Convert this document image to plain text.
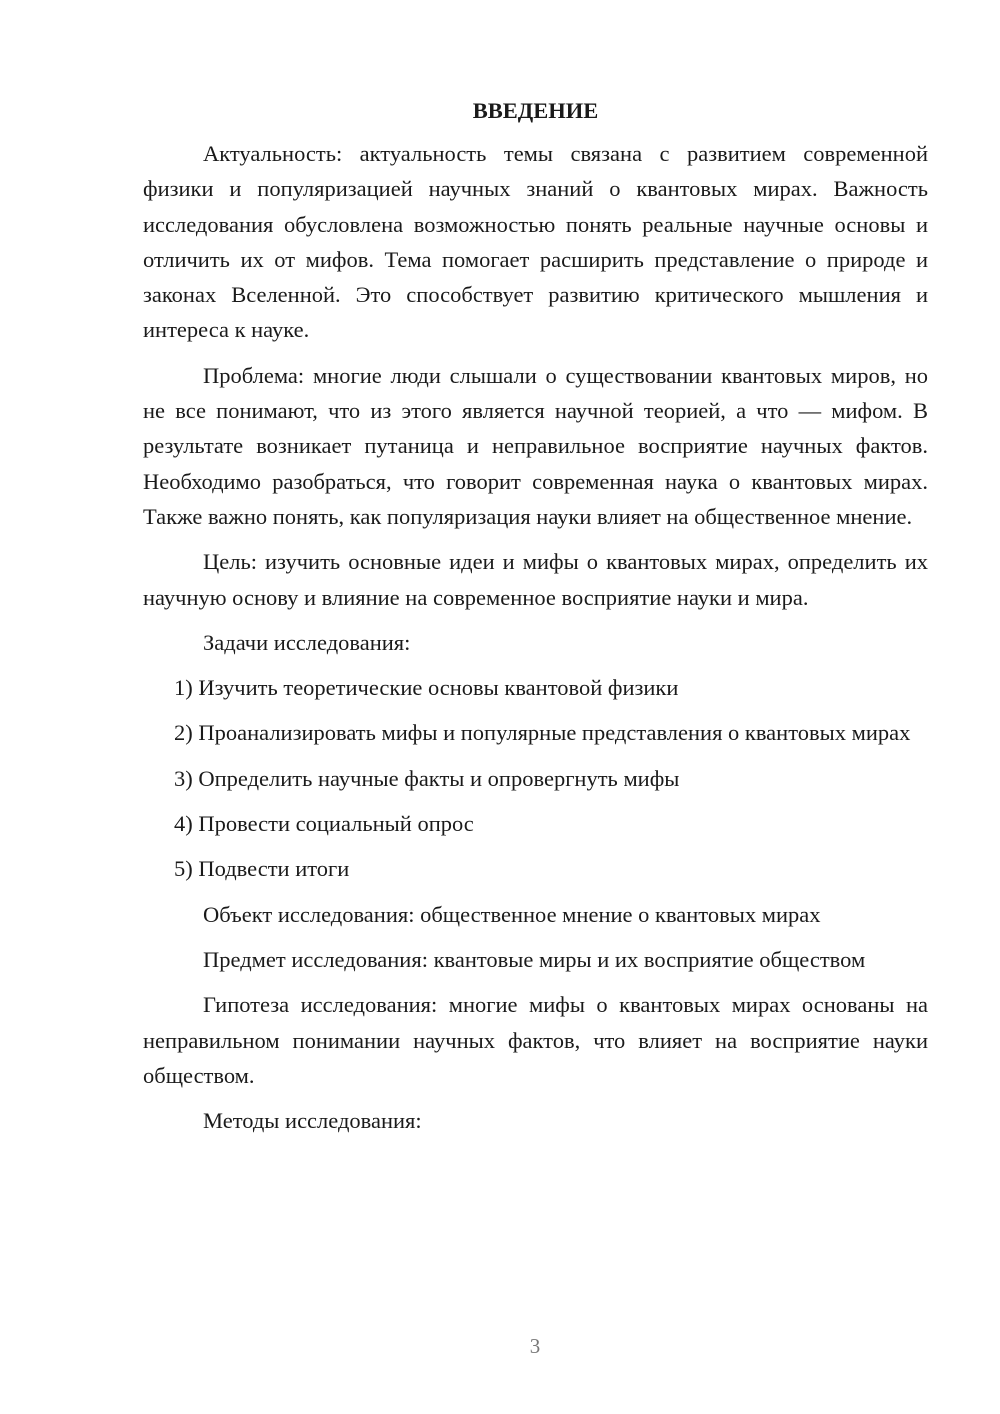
ВВЕДЕНИЕ

Актуальность: актуальность темы связана с развитием современной физики и популяризацией научных знаний о квантовых мирах. Важность исследования обусловлена возможностью понять реальные научные основы и отличить их от мифов. Тема помогает расширить представление о природе и законах Вселенной. Это способствует развитию критического мышления и интереса к науке.

Проблема: многие люди слышали о существовании квантовых миров, но не все понимают, что из этого является научной теорией, а что — мифом. В результате возникает путаница и неправильное восприятие научных фактов. Необходимо разобраться, что говорит современная наука о квантовых мирах. Также важно понять, как популяризация науки влияет на общественное мнение.

Цель: изучить основные идеи и мифы о квантовых мирах, определить их научную основу и влияние на современное восприятие науки и мира.

Задачи исследования:

1) Изучить теоретические основы квантовой физики

2) Проанализировать мифы и популярные представления о квантовых мирах

3) Определить научные факты и опровергнуть мифы

4) Провести социальный опрос

5) Подвести итоги

Объект исследования: общественное мнение о квантовых мирах

Предмет исследования: квантовые миры и их восприятие обществом

Гипотеза исследования: многие мифы о квантовых мирах основаны на неправильном понимании научных фактов, что влияет на восприятие науки обществом.

Методы исследования:

3
